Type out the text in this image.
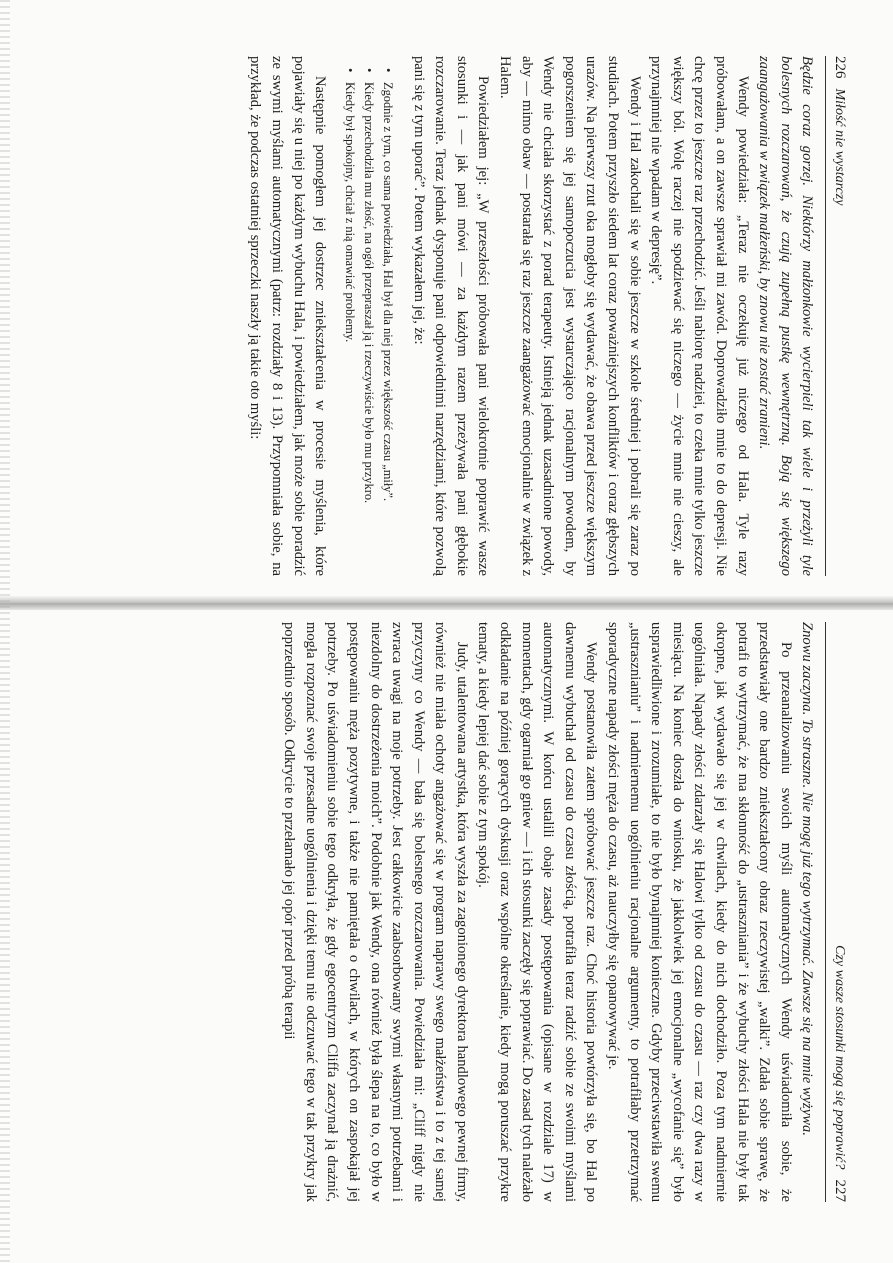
226
Miłość nie wystarczy

Będzie coraz gorzej. Niektórzy małżonkowie wycierpieli tak wiele i przeżyli tyle bolesnych rozczarowań, że czują zupełną pustkę wewnętrzną. Boją się większego zaangażowania w związek małżeński, by znowu nie zostać zranieni.

Wendy powiedziała: „Teraz nie oczekuję już niczego od Hala. Tyle razy próbowałam, a on zawsze sprawiał mi zawód. Doprowadziło mnie to do depresji. Nie chcę przez to jeszcze raz przechodzić. Jeśli nabiorę nadziei, to czeka mnie tylko jeszcze większy ból. Wolę raczej nie spodziewać się niczego — życie mnie nie cieszy, ale przynajmniej nie wpadam w depresję”.

Wendy i Hal zakochali się w sobie jeszcze w szkole średniej i pobrali się zaraz po studiach. Potem przyszło siedem lat coraz poważniejszych konfliktów i coraz głębszych urazów. Na pierwszy rzut oka mogłoby się wydawać, że obawa przed jeszcze większym pogorszeniem się jej samopoczucia jest wystarczająco racjonalnym powodem, by Wendy nie chciała skorzystać z porad terapeuty. Istnieją jednak uzasadnione powody, aby — mimo obaw — postarała się raz jeszcze zaangażować emocjonalnie w związek z Halem.

Powiedziałem jej: „W przeszłości próbowała pani wielokrotnie poprawić wasze stosunki i — jak pani mówi — za każdym razem przeżywała pani głębokie rozczarowanie. Teraz jednak dysponuje pani odpowiednimi narzędziami, które pozwolą pani się z tym uporać”. Potem wykazałem jej, że:

• Zgodnie z tym, co sama powiedziała, Hal był dla niej przez większość czasu „miły”.
• Kiedy przechodziła mu złość, na ogół przepraszał ją i rzeczywiście było mu przykro.
• Kiedy był spokojny, chciał z nią omawiać problemy.

Następnie pomogłem jej dostrzec zniekształcenia w procesie myślenia, które pojawiały się u niej po każdym wybuchu Hala, i powiedziałem, jak może sobie poradzić ze swymi myślami automatycznymi (patrz: rozdziały 8 i 13). Przypomniała sobie, na przykład, że podczas ostatniej sprzeczki naszły ją takie oto myśli:

Czy wasze stosunki mogą się poprawić?
227

Znowu zaczyna. To straszne. Nie mogę już tego wytrzymać. Zawsze się na mnie wyżywa.

Po przeanalizowaniu swoich myśli automatycznych Wendy uświadomiła sobie, że przedstawiały one bardzo zniekształcony obraz rzeczywistej „walki”. Zdała sobie sprawę, że potrafi to wytrzymać, że ma skłonność do „ustraszniania” i że wybuchy złości Hala nie były tak okropne, jak wydawało się jej w chwilach, kiedy do nich dochodziło. Poza tym nadmiernie uogólniała. Napady złości zdarzały się Halowi tylko od czasu do czasu — raz czy dwa razy w miesiącu. Na koniec doszła do wniosku, że jakkolwiek jej emocjonalne „wycofanie się” było usprawiedliwione i zrozumiałe, to nie było bynajmniej konieczne. Gdyby przeciwstawiła swemu „ustrasznianiu” i nadmiernemu uogólnieniu racjonalne argumenty, to potrafiłaby przetrzymać sporadyczne napady złości męża do czasu, aż nauczyłby się opanowywać je.

Wendy postanowiła zatem spróbować jeszcze raz. Choć historia powtórzyła się, bo Hal po dawnemu wybuchał od czasu do czasu złością, potrafiła teraz radzić sobie ze swoimi myślami automatycznymi. W końcu ustalili obaje zasady postępowania (opisane w rozdziale 17) w momentach, gdy ogarniał go gniew — i ich stosunki zaczęły się poprawiać. Do zasad tych należało odkładanie na później gorących dyskusji oraz wspólne określanie, kiedy mogą poruszać przykre tematy, a kiedy lepiej dać sobie z tym spokój.

Judy, utalentowana artystka, która wyszła za zagonionego dyrektora handlowego pewnej firmy, również nie miała ochoty angażować się w program naprawy swego małżeństwa i to z tej samej przyczyny co Wendy — bała się bolesnego rozczarowania. Powiedziała mi: „Cliff nigdy nie zwraca uwagi na moje potrzeby. Jest całkowicie zaabsorbowany swymi własnymi potrzebami i niezdolny do dostrzeżenia moich”. Podobnie jak Wendy, ona również była ślepa na to, co było w postępowaniu męża pozytywne, i także nie pamiętała o chwilach, w których on zaspokajał jej potrzeby. Po uświadomieniu sobie tego odkryła, że gdy egocentryzm Cliffa zaczynał ją drażnić, mogła rozpoznać swoje przesadne uogólnienia i dzięki temu nie odczuwać tego w tak przykry jak poprzednio sposób. Odkrycie to przełamało jej opór przed próbą terapii
